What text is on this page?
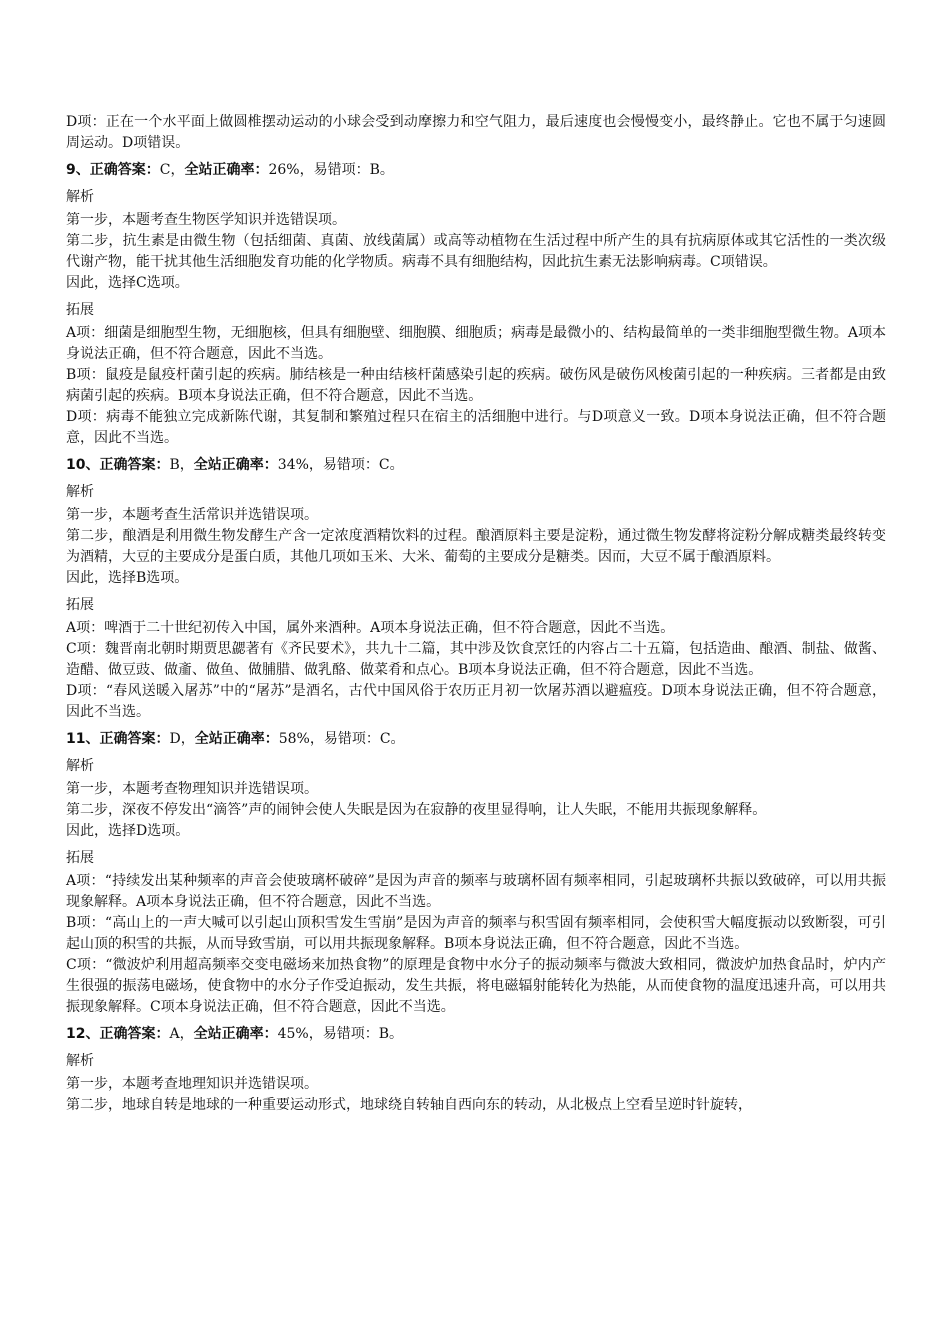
D项：正在一个水平面上做圆椎摆动运动的小球会受到动摩擦力和空气阻力，最后速度也会慢慢变小，最终静止。它也不属于匀速圆周运动。D项错误。

9、正确答案：C，全站正确率：26%，易错项：B。
解析

第一步，本题考查生物医学知识并选错误项。

第二步，抗生素是由微生物（包括细菌、真菌、放线菌属）或高等动植物在生活过程中所产生的具有抗病原体或其它活性的一类次级代谢产物，能干扰其他生活细胞发育功能的化学物质。病毒不具有细胞结构，因此抗生素无法影响病毒。C项错误。

因此，选择C选项。

拓展

A项：细菌是细胞型生物，无细胞核，但具有细胞壁、细胞膜、细胞质；病毒是最微小的、结构最简单的一类非细胞型微生物。A项本身说法正确，但不符合题意，因此不当选。

B项：鼠疫是鼠疫杆菌引起的疾病。肺结核是一种由结核杆菌感染引起的疾病。破伤风是破伤风梭菌引起的一种疾病。三者都是由致病菌引起的疾病。B项本身说法正确，但不符合题意，因此不当选。

D项：病毒不能独立完成新陈代谢，其复制和繁殖过程只在宿主的活细胞中进行。与D项意义一致。D项本身说法正确，但不符合题意，因此不当选。

10、正确答案：B，全站正确率：34%，易错项：C。
解析

第一步，本题考查生活常识并选错误项。

第二步，酿酒是利用微生物发酵生产含一定浓度酒精饮料的过程。酿酒原料主要是淀粉，通过微生物发酵将淀粉分解成糖类最终转变为酒精，大豆的主要成分是蛋白质，其他几项如玉米、大米、葡萄的主要成分是糖类。因而，大豆不属于酿酒原料。

因此，选择B选项。

拓展

A项：啤酒于二十世纪初传入中国，属外来酒种。A项本身说法正确，但不符合题意，因此不当选。

C项：魏晋南北朝时期贾思勰著有《齐民要术》，共九十二篇，其中涉及饮食烹饪的内容占二十五篇，包括造曲、酿酒、制盐、做酱、造醋、做豆豉、做齑、做鱼、做脯腊、做乳酪、做菜肴和点心。B项本身说法正确，但不符合题意，因此不当选。

D项：“春风送暖入屠苏”中的“屠苏”是酒名，古代中国风俗于农历正月初一饮屠苏酒以避瘟疫。D项本身说法正确，但不符合题意，因此不当选。

11、正确答案：D，全站正确率：58%，易错项：C。
解析

第一步，本题考查物理知识并选错误项。

第二步，深夜不停发出“滴答”声的闹钟会使人失眠是因为在寂静的夜里显得响，让人失眠，不能用共振现象解释。

因此，选择D选项。

拓展

A项：“持续发出某种频率的声音会使玻璃杯破碎”是因为声音的频率与玻璃杯固有频率相同，引起玻璃杯共振以致破碎，可以用共振现象解释。A项本身说法正确，但不符合题意，因此不当选。

B项：“高山上的一声大喊可以引起山顶积雪发生雪崩”是因为声音的频率与积雪固有频率相同，会使积雪大幅度振动以致断裂，可引起山顶的积雪的共振，从而导致雪崩，可以用共振现象解释。B项本身说法正确，但不符合题意，因此不当选。

C项：“微波炉利用超高频率交变电磁场来加热食物”的原理是食物中水分子的振动频率与微波大致相同，微波炉加热食品时，炉内产生很强的振荡电磁场，使食物中的水分子作受迫振动，发生共振，将电磁辐射能转化为热能，从而使食物的温度迅速升高，可以用共振现象解释。C项本身说法正确，但不符合题意，因此不当选。

12、正确答案：A，全站正确率：45%，易错项：B。
解析

第一步，本题考查地理知识并选错误项。

第二步，地球自转是地球的一种重要运动形式，地球绕自转轴自西向东的转动，从北极点上空看呈逆时针旋转，
